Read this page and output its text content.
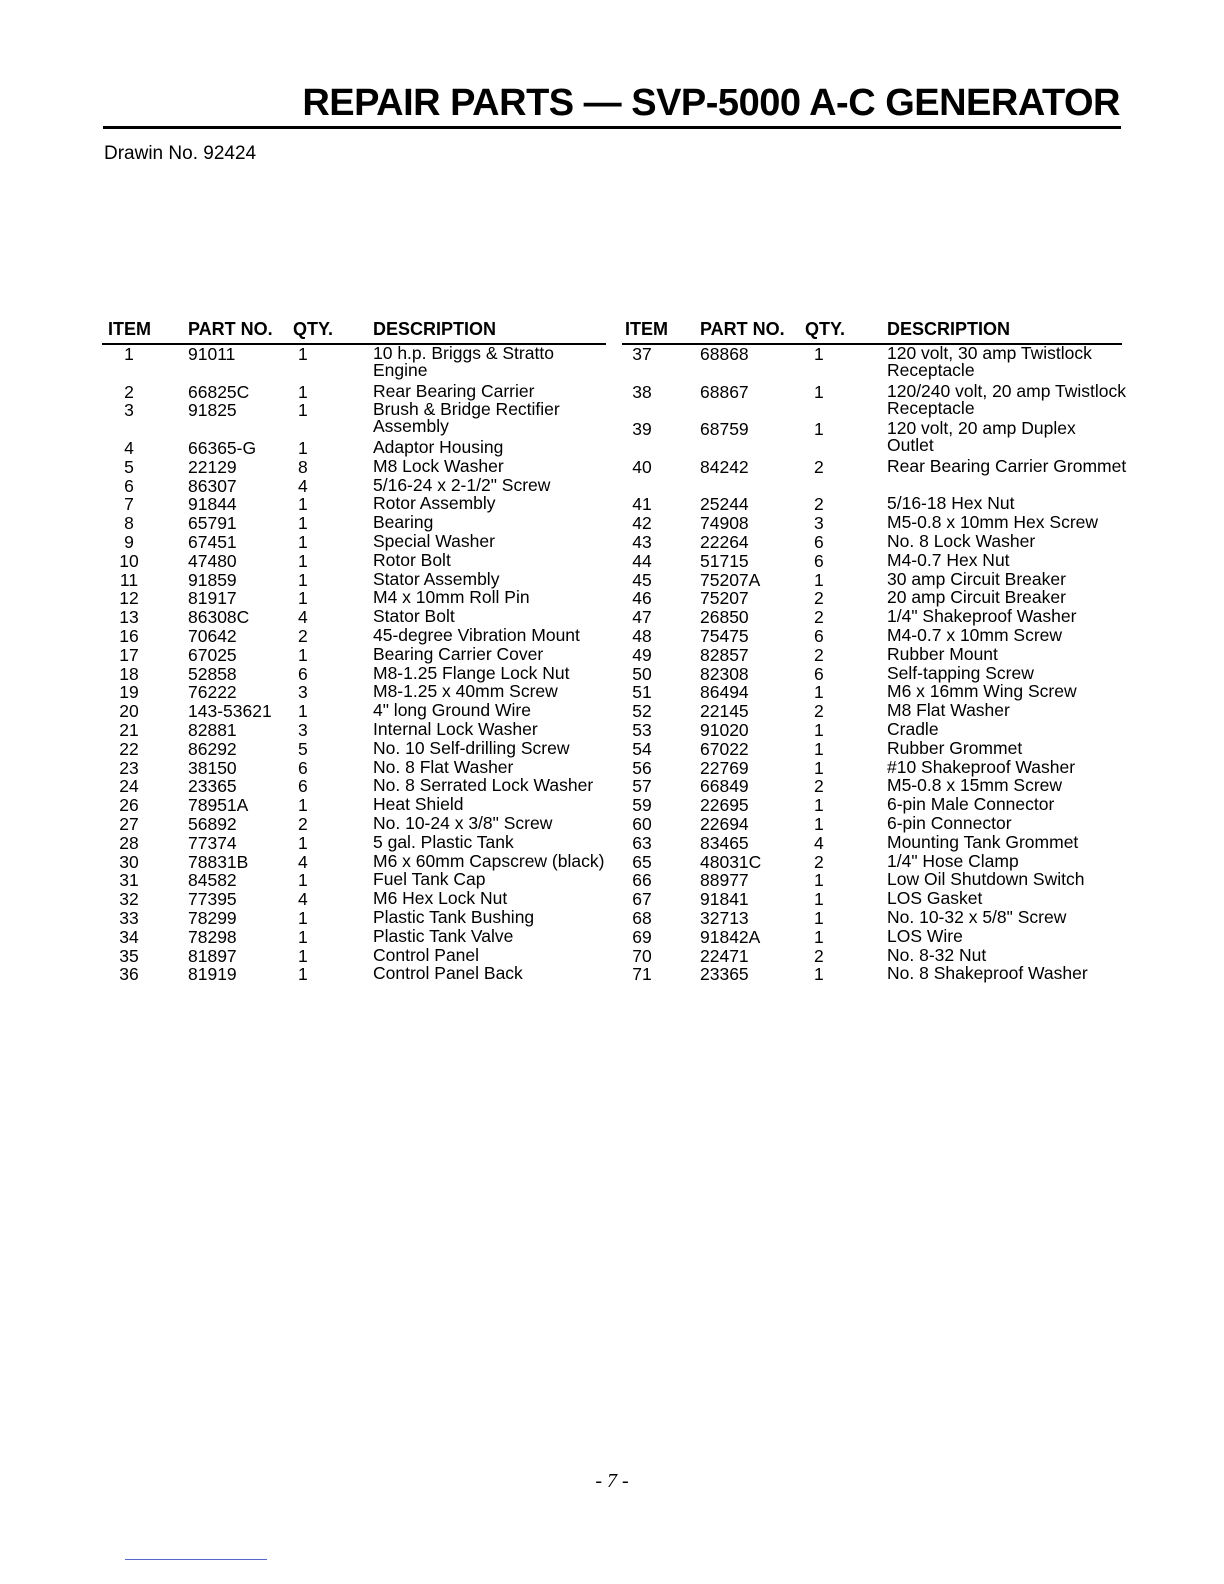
REPAIR PARTS — SVP-5000 A-C GENERATOR
Drawin No. 92424
ITEM PART NO. QTY. DESCRIPTION
1	91011	1	10 h.p. Briggs & Stratto Engine
2	66825C	1	Rear Bearing Carrier
3	91825	1	Brush & Bridge Rectifier Assembly
4	66365-G 1	Adaptor Housing
5	22129	8	M8 Lock Washer
6	86307	4	5/16-24 x 2-1/2" Screw
7	91844	1	Rotor Assembly
8	65791	1	Bearing
9	67451	1	Special Washer
10	47480	1	Rotor Bolt
11	91859	1	Stator Assembly
12	81917	1	M4 x 10mm Roll Pin
13	86308C	4	Stator Bolt
16	70642	2	45-degree Vibration Mount
17	67025	1	Bearing Carrier Cover
18	52858	6	M8-1.25 Flange Lock Nut
19	76222	3	M8-1.25 x 40mm Screw
20	143-53621 1	4" long Ground Wire
21	82881	3	Internal Lock Washer
22	86292	5	No. 10 Self-drilling Screw
23	38150	6	No. 8 Flat Washer
24	23365	6	No. 8 Serrated Lock Washer
26	78951A	1	Heat Shield
27	56892	2	No. 10-24 x 3/8" Screw
28	77374	1	5 gal. Plastic Tank
30	78831B	4	M6 x 60mm Capscrew (black)
31	84582	1	Fuel Tank Cap
32	77395	4	M6 Hex Lock Nut
33	78299	1	Plastic Tank Bushing
34	78298	1	Plastic Tank Valve
35	81897	1	Control Panel
36	81919	1	Control Panel Back
ITEM PART NO. QTY. DESCRIPTION
37	68868	1	120 volt, 30 amp Twistlock Receptacle
38	68867	1	120/240 volt, 20 amp Twistlock Receptacle
39	68759	1	120 volt, 20 amp Duplex Outlet
40	84242	2	Rear Bearing Carrier Grommet
41	25244	2	5/16-18 Hex Nut
42	74908	3	M5-0.8 x 10mm Hex Screw
43	22264	6	No. 8 Lock Washer
44	51715	6	M4-0.7 Hex Nut
45	75207A	1	30 amp Circuit Breaker
46	75207	2	20 amp Circuit Breaker
47	26850	2	1/4" Shakeproof Washer
48	75475	6	M4-0.7 x 10mm Screw
49	82857	2	Rubber Mount
50	82308	6	Self-tapping Screw
51	86494	1	M6 x 16mm Wing Screw
52	22145	2	M8 Flat Washer
53	91020	1	Cradle
54	67022	1	Rubber Grommet
56	22769	1	#10 Shakeproof Washer
57	66849	2	M5-0.8 x 15mm Screw
59	22695	1	6-pin Male Connector
60	22694	1	6-pin Connector
63	83465	4	Mounting Tank Grommet
65	48031C	2	1/4" Hose Clamp
66	88977	1	Low Oil Shutdown Switch
67	91841	1	LOS Gasket
68	32713	1	No. 10-32 x 5/8" Screw
69	91842A	1	LOS Wire
70	22471	2	No. 8-32 Nut
71	23365	1	No. 8 Shakeproof Washer
- 7 -
